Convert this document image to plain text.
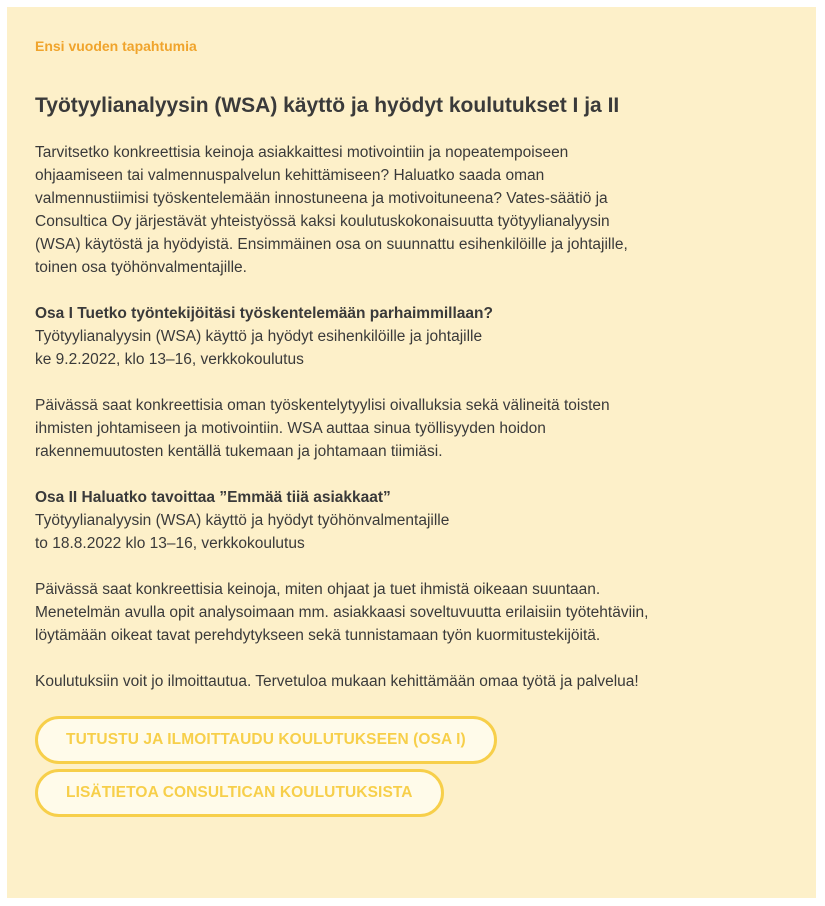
Ensi vuoden tapahtumia
Työtyylianalyysin (WSA) käyttö ja hyödyt koulutukset I ja II

Tarvitsetko konkreettisia keinoja asiakkaittesi motivointiin ja nopeatempoiseen
ohjaamiseen tai valmennuspalvelun kehittämiseen? Haluatko saada oman
valmennustiimisi työskentelemään innostuneena ja motivoituneena? Vates-säätiö ja
Consultica Oy järjestävät yhteistyössä kaksi koulutuskokonaisuutta työtyylianalyysin
(WSA) käytöstä ja hyödyistä. Ensimmäinen osa on suunnattu esihenkilöille ja johtajille,
toinen osa työhönvalmentajille.

Osa I Tuetko työntekijöitäsi työskentelemään parhaimmillaan?
Työtyylianalyysin (WSA) käyttö ja hyödyt esihenkilöille ja johtajille
ke 9.2.2022, klo 13–16, verkkokoulutus

Päivässä saat konkreettisia oman työskentelytyylisi oivalluksia sekä välineitä toisten
ihmisten johtamiseen ja motivointiin. WSA auttaa sinua työllisyyden hoidon
rakennemuutosten kentällä tukemaan ja johtamaan tiimiäsi.

Osa II Haluatko tavoittaa ”Emmää tiiä asiakkaat”
Työtyylianalyysin (WSA) käyttö ja hyödyt työhönvalmentajille
to 18.8.2022 klo 13–16, verkkokoulutus

Päivässä saat konkreettisia keinoja, miten ohjaat ja tuet ihmistä oikeaan suuntaan.
Menetelmän avulla opit analysoimaan mm. asiakkaasi soveltuvuutta erilaisiin työtehtäviin,
löytämään oikeat tavat perehdytykseen sekä tunnistamaan työn kuormitustekijöitä.

Koulutuksiin voit jo ilmoittautua. Tervetuloa mukaan kehittämään omaa työtä ja palvelua!

TUTUSTU JA ILMOITTAUDU KOULUTUKSEEN (OSA I)
LISÄTIETOA CONSULTICAN KOULUTUKSISTA
